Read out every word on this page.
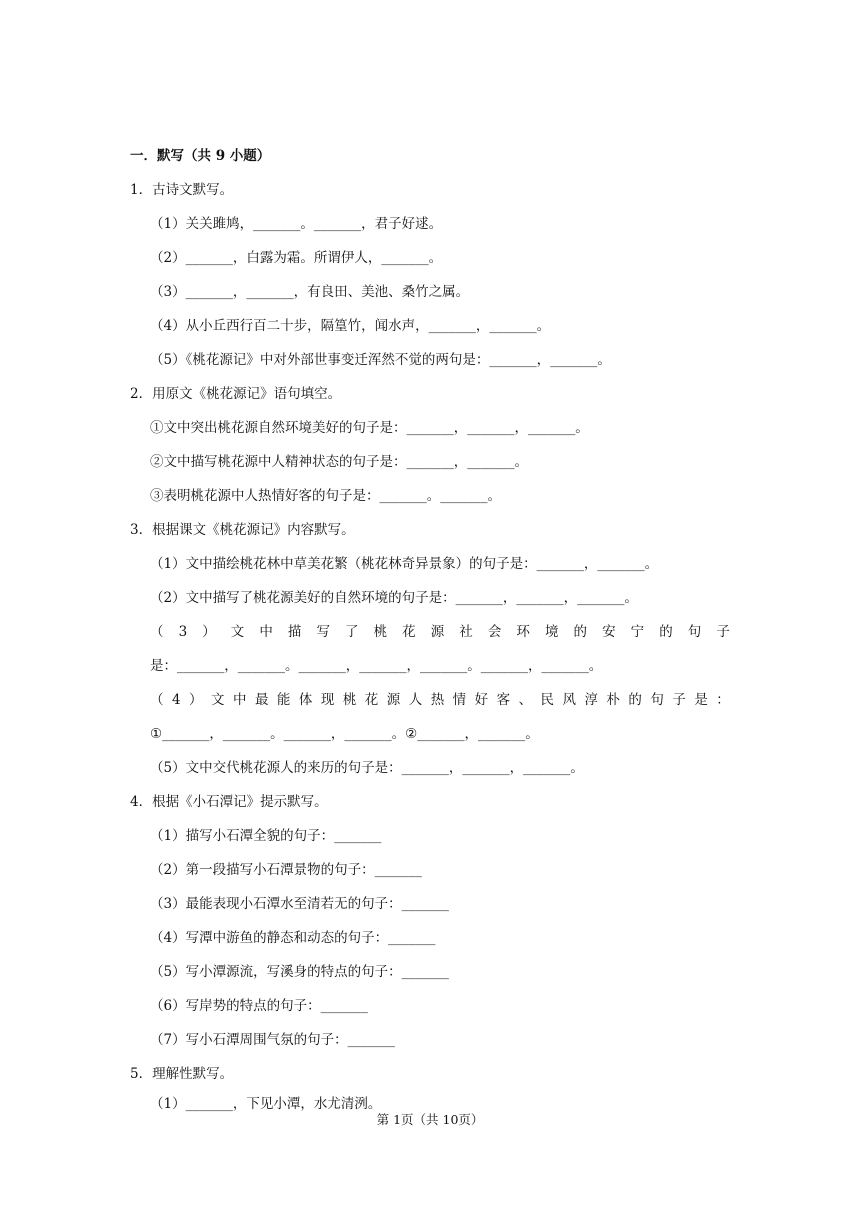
一．默写（共 9 小题）
1．古诗文默写。
（1）关关雎鸠，_______。_______，君子好逑。
（2）_______，白露为霜。所谓伊人，_______。
（3）_______，_______，有良田、美池、桑竹之属。
（4）从小丘西行百二十步，隔篁竹，闻水声，_______，_______。
（5）《桃花源记》中对外部世事变迁浑然不觉的两句是：_______，_______。
2．用原文《桃花源记》语句填空。
①文中突出桃花源自然环境美好的句子是：_______，_______，_______。
②文中描写桃花源中人精神状态的句子是：_______，_______。
③表明桃花源中人热情好客的句子是：_______。_______。
3．根据课文《桃花源记》内容默写。
（1）文中描绘桃花林中草美花繁（桃花林奇异景象）的句子是：_______，_______。
（2）文中描写了桃花源美好的自然环境的句子是：_______，_______，_______。
（ 3 ） 文 中 描 写 了 桃 花 源 社 会 环 境 的 安 宁 的 句 子
是：_______，_______。_______，_______，_______。_______，_______。
（ 4 ） 文 中 最 能 体 现 桃 花 源 人 热 情 好 客 、 民 风 淳 朴 的 句 子 是 ：
①_______，_______。_______，_______。②_______，_______。
（5）文中交代桃花源人的来历的句子是：_______，_______，_______。
4．根据《小石潭记》提示默写。
（1）描写小石潭全貌的句子：_______
（2）第一段描写小石潭景物的句子：_______
（3）最能表现小石潭水至清若无的句子：_______
（4）写潭中游鱼的静态和动态的句子：_______
（5）写小潭源流，写溪身的特点的句子：_______
（6）写岸势的特点的句子：_______
（7）写小石潭周围气氛的句子：_______
5．理解性默写。
（1）_______，下见小潭，水尤清洌。
第 1页（共 10页）
